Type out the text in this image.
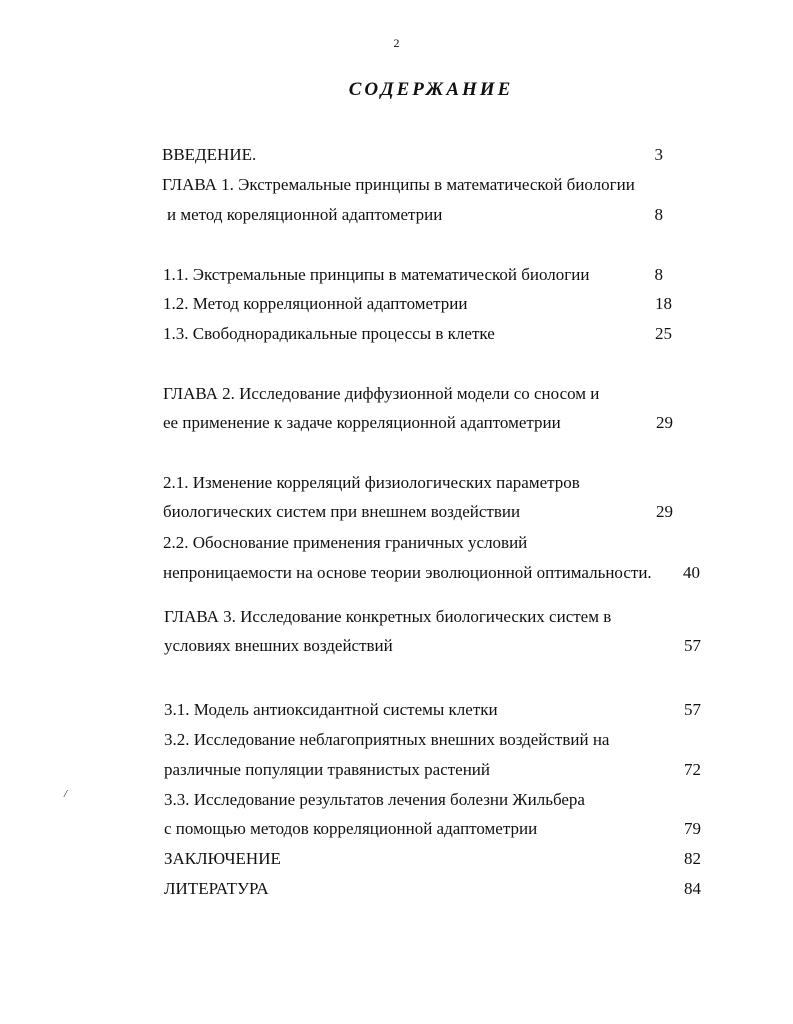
2
СОДЕРЖАНИЕ
ВВЕДЕНИЕ.	3
ГЛАВА 1. Экстремальные принципы в математической биологии
и метод кореляционной адаптометрии	8
1.1. Экстремальные принципы в математической биологии	8
1.2. Метод корреляционной адаптометрии	18
1.3. Свободнорадикальные процессы в клетке	25
ГЛАВА 2. Исследование диффузионной модели со сносом и
ее применение к задаче корреляционной адаптометрии	29
2.1. Изменение корреляций физиологических параметров
биологических систем при внешнем воздействии	29
2.2. Обоснование применения граничных условий
непроницаемости на основе теории эволюционной оптимальности.	40
ГЛАВА 3. Исследование конкретных биологических систем в
условиях внешних воздействий	57
3.1. Модель антиоксидантной системы клетки	57
3.2. Исследование неблагоприятных внешних воздействий на
различные популяции травянистых растений	72
3.3. Исследование результатов лечения болезни Жильбера
с помощью методов корреляционной адаптометрии	79
ЗАКЛЮЧЕНИЕ	82
ЛИТЕРАТУРА	84
/
